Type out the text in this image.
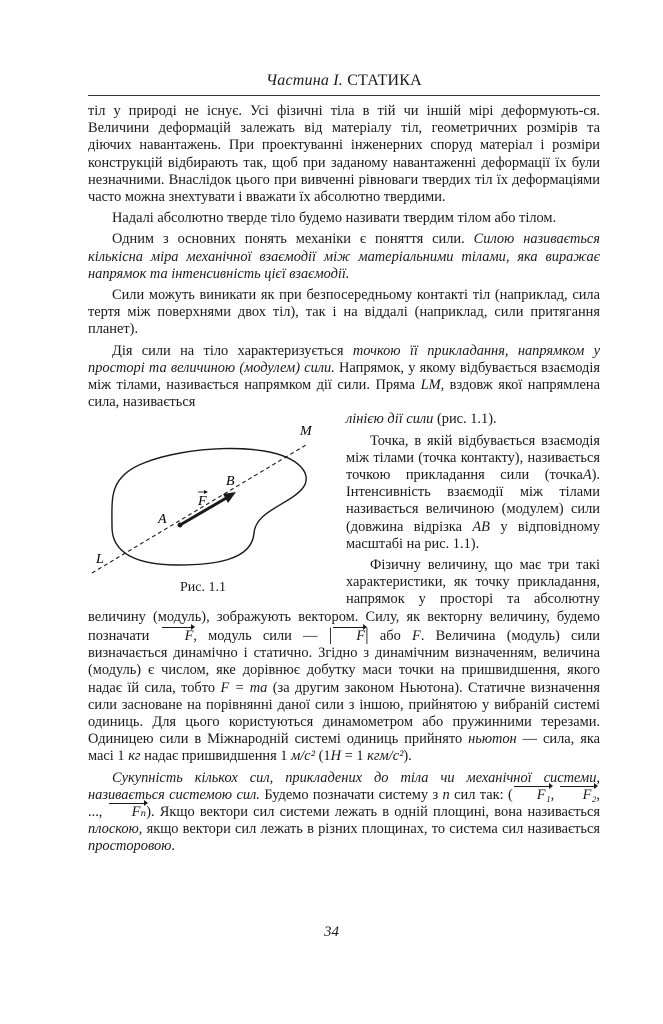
Частина I. СТАТИКА

тіл у природі не існує. Усі фізичні тіла в тій чи іншій мірі деформують-ся. Величини деформацій залежать від матеріалу тіл, геометричних розмірів та діючих навантажень. При проектуванні інженерних споруд матеріал і розміри конструкцій відбирають так, щоб при заданому навантаженні деформації їх були незначними. Внаслідок цього при вивченні рівноваги твердих тіл їх деформаціями часто можна знехтувати і вважати їх абсолютно твердими.

Надалі абсолютно тверде тіло будемо називати твердим тілом або тілом.

Одним з основних понять механіки є поняття сили. Силою називається кількісна міра механічної взаємодії між матеріальними тілами, яка виражає напрямок та інтенсивність цієї взаємодії.

Сили можуть виникати як при безпосередньому контакті тіл (наприклад, сила тертя між поверхнями двох тіл), так і на віддалі (наприклад, сили притягання планет).

Дія сили на тіло характеризується точкою її прикладання, напрямком у просторі та величиною (модулем) сили. Напрямок, у якому відбувається взаємодія між тілами, називається напрямком дії сили. Пряма LM, вздовж якої напрямлена сила, називається

M
L
A
B
F
Рис. 1.1

лінією дії сили (рис. 1.1).

Точка, в якій відбувається взаємодія між тілами (точка контакту), називається точкою прикладання сили (точкаA). Інтенсивність взаємодії між тілами називається величиною (модулем) сили (довжина відрізка AB у відповідному масштабі на рис. 1.1).

Фізичну величину, що має три такі характеристики, як точку прикладання, напрямок у просторі та абсолютну величину (модуль), зображують вектором. Силу, як векторну величину, будемо позначати F, модуль сили — | F| або F. Величина (модуль) сили визначається динамічно і статично. Згідно з динамічним визначенням, величина (модуль) є числом, яке дорівнює добутку маси точки на пришвидшення, якого надає їй сила, тобто F = ma (за другим законом Ньютона). Статичне визначення сили засноване на порівнянні даної сили з іншою, прийнятою у вибраній системі одиниць. Для цього користуються динамометром або пружинними терезами. Одиницею сили в Міжнародній системі одиниць прийнято ньютон — сила, яка масі 1 кг надає пришвидшення 1 м/с² (1Н = 1 кгм/с²).

Сукупність кількох сил, прикладених до тіла чи механічної системи, називається системою сил. Будемо позначати систему з n сил так: ( F₁, F₂, ..., Fₙ). Якщо вектори сил системи лежать в одній площині, вона називається плоскою, якщо вектори сил лежать в різних площинах, то система сил називається просторовою.

34
